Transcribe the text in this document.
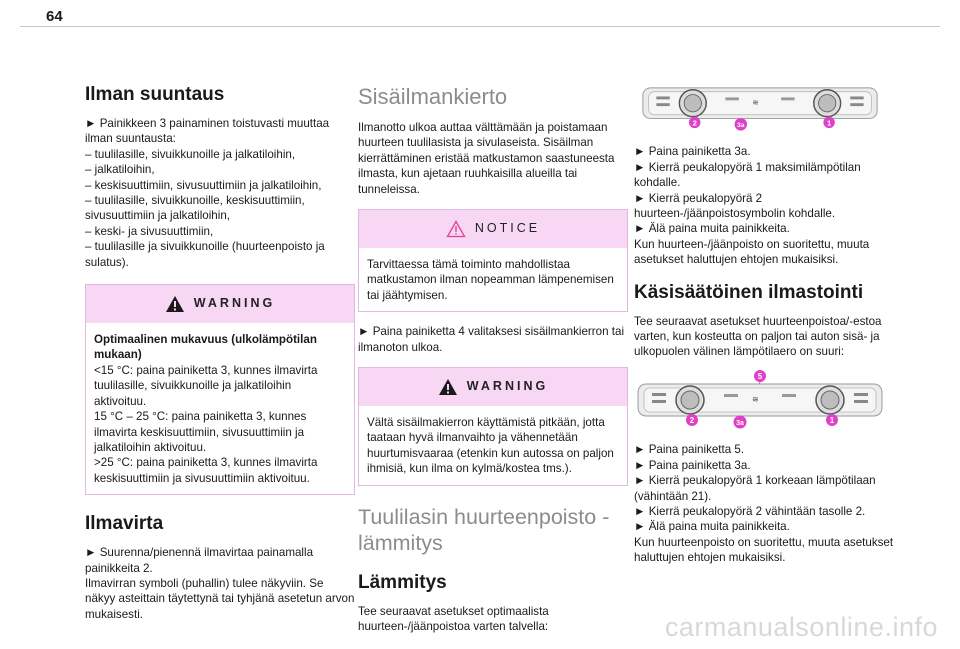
64
Ilman suuntaus

► Painikkeen 3 painaminen toistuvasti muuttaa ilman suuntausta:

– tuulilasille, sivuikkunoille ja jalkatiloihin,

– jalkatiloihin,

– keskisuuttimiin, sivusuuttimiin ja jalkatiloihin,

– tuulilasille, sivuikkunoille, keskisuuttimiin, sivusuuttimiin ja jalkatiloihin,

– keski- ja sivusuuttimiin,

– tuulilasille ja sivuikkunoille (huurteenpoisto ja sulatus).

WARNING

Optimaalinen mukavuus (ulkolämpötilan mukaan)

<15 °C: paina painiketta 3, kunnes ilmavirta tuulilasille, sivuikkunoille ja jalkatiloihin aktivoituu.

15 °C – 25 °C: paina painiketta 3, kunnes ilmavirta keskisuuttimiin, sivusuuttimiin ja jalkatiloihin aktivoituu.

>25 °C: paina painiketta 3, kunnes ilmavirta keskisuuttimiin ja sivusuuttimiin aktivoituu.

Ilmavirta

► Suurenna/pienennä ilmavirtaa painamalla painikkeita 2.

Ilmavirran symboli (puhallin) tulee näkyviin. Se näkyy asteittain täytettynä tai tyhjänä asetetun arvon mukaisesti.

Sisäilmankierto

Ilmanotto ulkoa auttaa välttämään ja poistamaan huurteen tuulilasista ja sivulaseista. Sisäilman kierrättäminen eristää matkustamon saastuneesta ilmasta, kun ajetaan ruuhkaisilla alueilla tai tunneleissa.

NOTICE

Tarvittaessa tämä toiminto mahdollistaa matkustamon ilman nopeamman lämpenemisen tai jäähtymisen.

► Paina painiketta 4 valitaksesi sisäilmankierron tai ilmanoton ulkoa.

WARNING

Vältä sisäilmakierron käyttämistä pitkään, jotta taataan hyvä ilmanvaihto ja vähennetään huurtumisvaaraa (etenkin kun autossa on paljon ihmisiä, kun ilma on kylmä/kostea tms.).

Tuulilasin huurteenpoisto - lämmitys
Lämmitys

Tee seuraavat asetukset optimaalista huurteen-/jäänpoistoa varten talvella:

≋
2	3a	1

► Paina painiketta 3a.

► Kierrä peukalopyörä 1 maksimilämpötilan kohdalle.

► Kierrä peukalopyörä 2 huurteen-/jäänpoistosymbolin kohdalle.

► Älä paina muita painikkeita.

Kun huurteen-/jäänpoisto on suoritettu, muuta asetukset haluttujen ehtojen mukaisiksi.

Käsisäätöinen ilmastointi

Tee seuraavat asetukset huurteenpoistoa/-estoa varten, kun kosteutta on paljon tai auton sisä- ja ulkopuolen välinen lämpötilaero on suuri:

5
≋
2	3a	1

► Paina painiketta 5.

► Paina painiketta 3a.

► Kierrä peukalopyörä 1 korkeaan lämpötilaan (vähintään 21).

► Kierrä peukalopyörä 2 vähintään tasolle 2.

► Älä paina muita painikkeita.

Kun huurteenpoisto on suoritettu, muuta asetukset haluttujen ehtojen mukaisiksi.

carmanualsonline.info
